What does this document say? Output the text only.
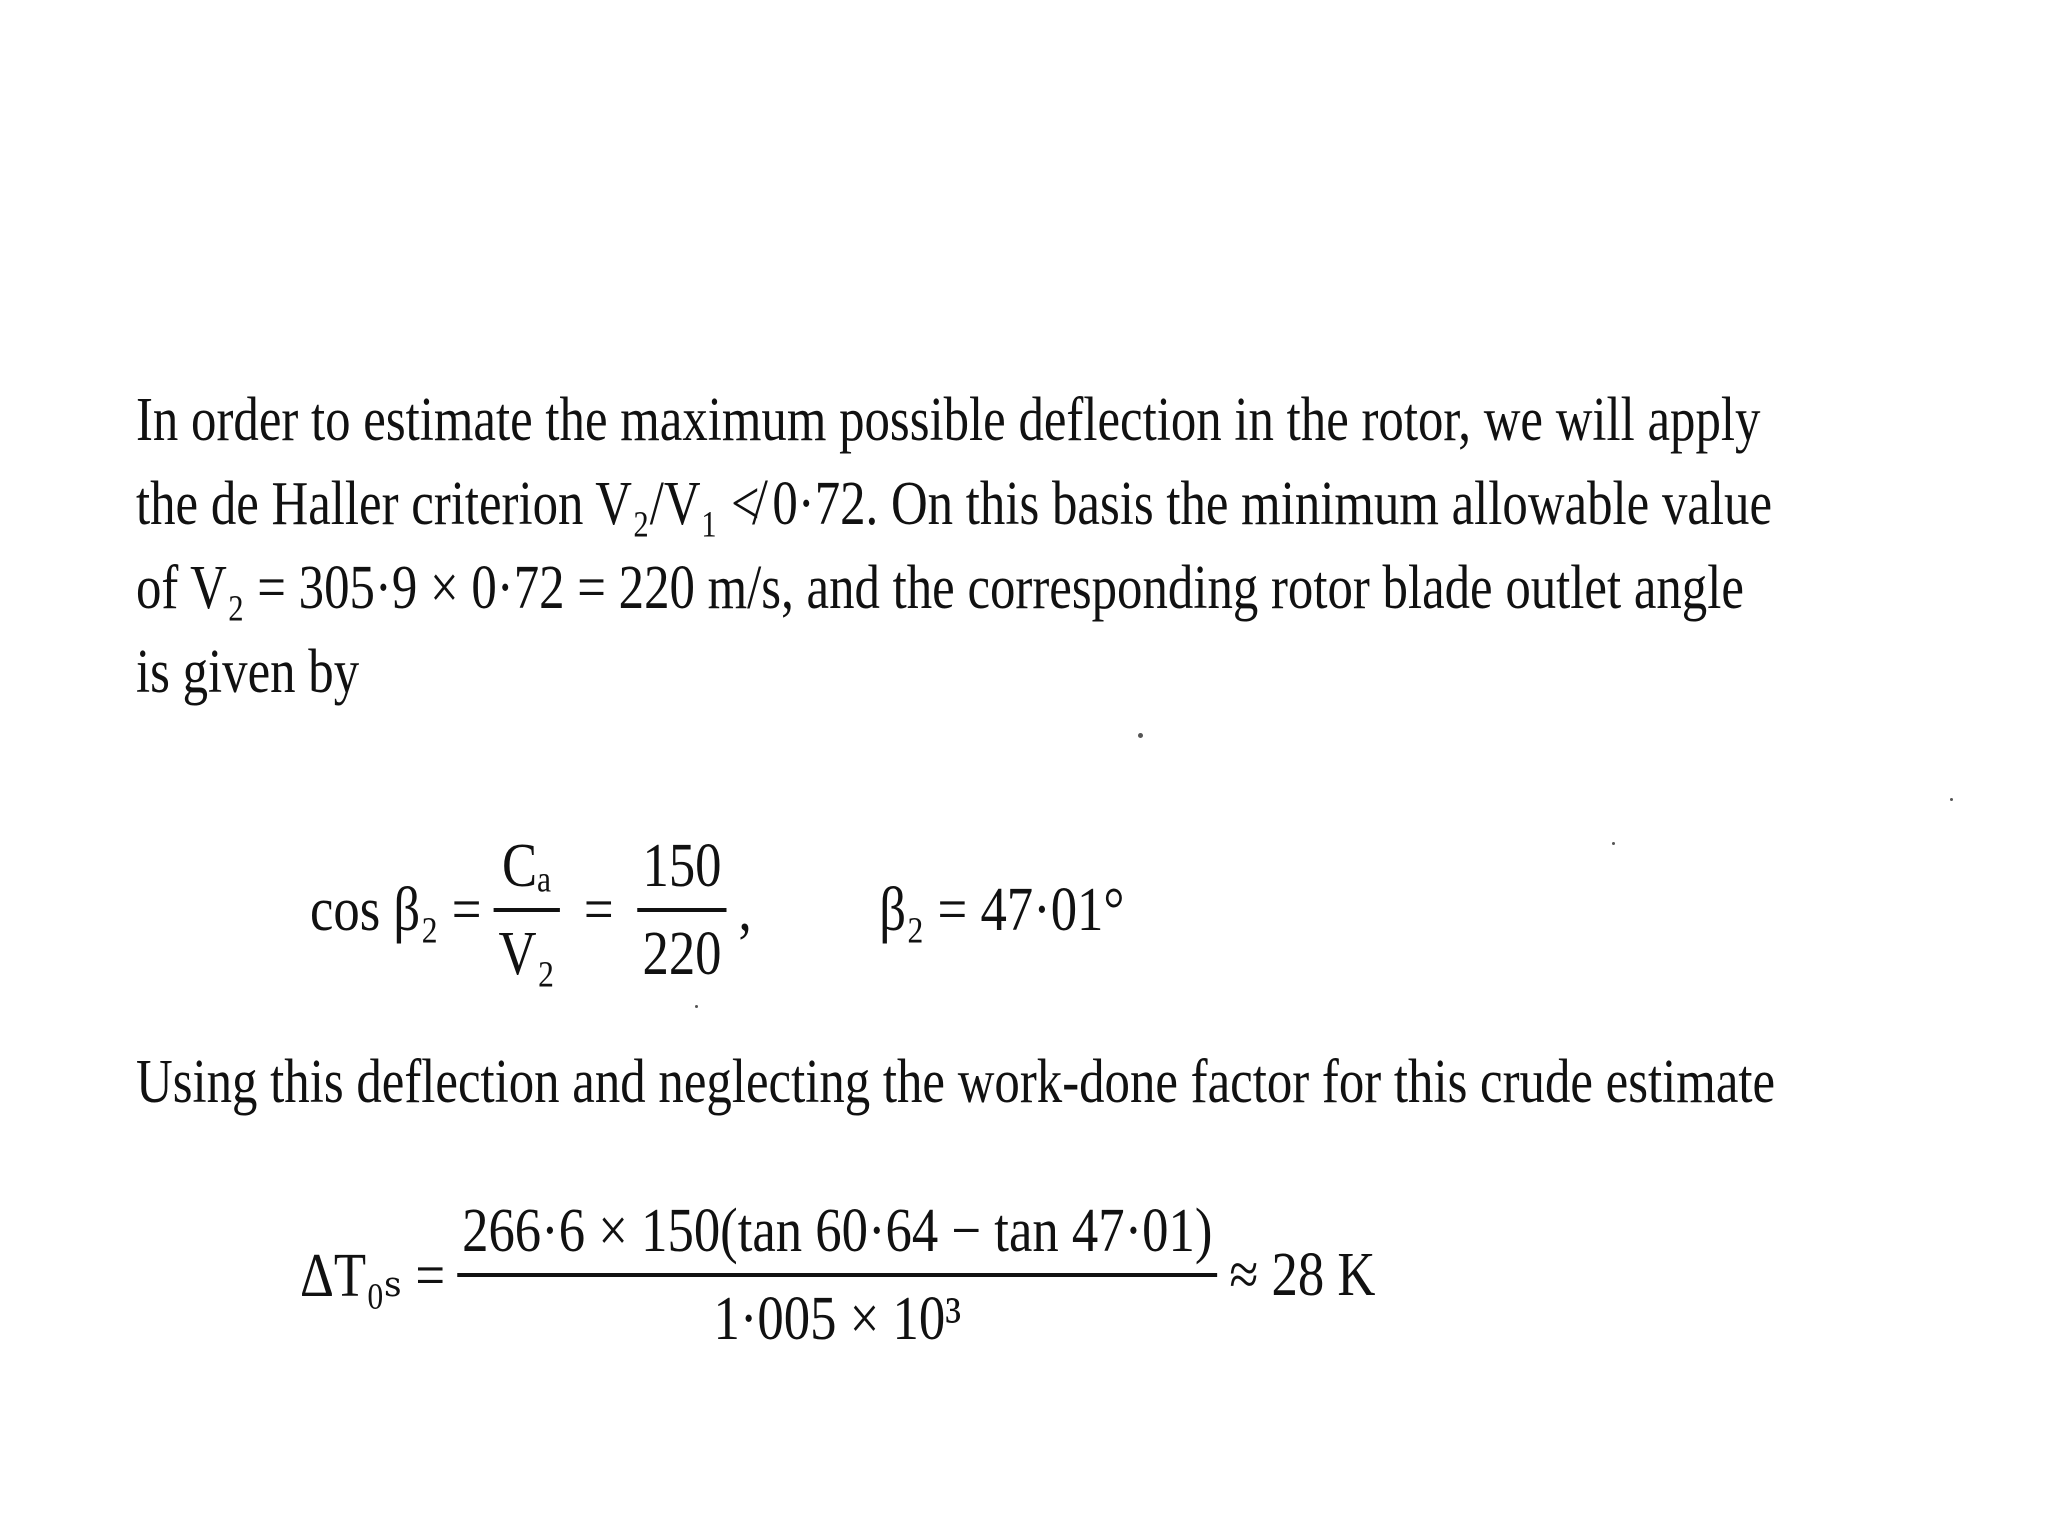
In order to estimate the maximum possible deflection in the rotor, we will apply
the de Haller criterion V₂/V₁ ≮ 0·72. On this basis the minimum allowable value
of V₂ = 305·9 × 0·72 = 220 m/s, and the corresponding rotor blade outlet angle
is given by
$\cos \beta_2 = \frac{\text{Cₐ}}{\text{V₂}} = \frac{150}{220}$ , β₂ = 47·01°
Using this deflection and neglecting the work-done factor for this crude estimate
$\Delta T_{0s} = \frac{266\cdot 6 \times 150(\tan 60\cdot 64 - \tan 47\cdot 01)}{\text{1·005 × 10³}} \approx 28$ K
